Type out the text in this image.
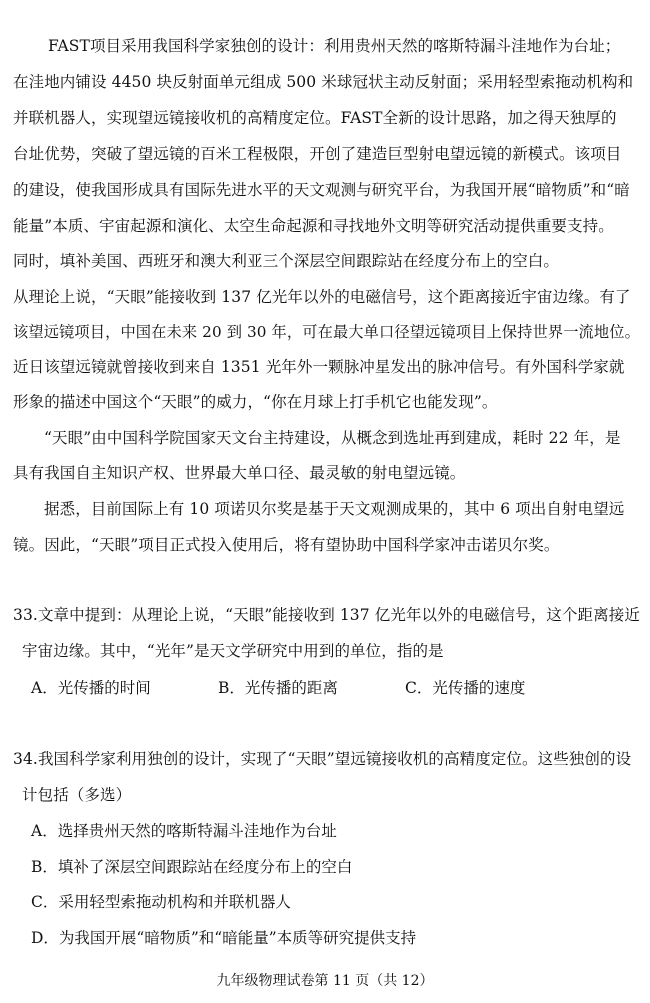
FAST项目采用我国科学家独创的设计：利用贵州天然的喀斯特漏斗洼地作为台址；
在洼地内铺设 4450 块反射面单元组成 500 米球冠状主动反射面；采用轻型索拖动机构和
并联机器人，实现望远镜接收机的高精度定位。FAST全新的设计思路，加之得天独厚的
台址优势，突破了望远镜的百米工程极限，开创了建造巨型射电望远镜的新模式。该项目
的建设，使我国形成具有国际先进水平的天文观测与研究平台，为我国开展“暗物质”和“暗
能量”本质、宇宙起源和演化、太空生命起源和寻找地外文明等研究活动提供重要支持。
同时，填补美国、西班牙和澳大利亚三个深层空间跟踪站在经度分布上的空白。
从理论上说，“天眼”能接收到 137 亿光年以外的电磁信号，这个距离接近宇宙边缘。有了
该望远镜项目，中国在未来 20 到 30 年，可在最大单口径望远镜项目上保持世界一流地位。
近日该望远镜就曾接收到来自 1351 光年外一颗脉冲星发出的脉冲信号。有外国科学家就
形象的描述中国这个“天眼”的威力，“你在月球上打手机它也能发现”。
“天眼”由中国科学院国家天文台主持建设，从概念到选址再到建成，耗时 22 年，是
具有我国自主知识产权、世界最大单口径、最灵敏的射电望远镜。
据悉，目前国际上有 10 项诺贝尔奖是基于天文观测成果的，其中 6 项出自射电望远
镜。因此，“天眼”项目正式投入使用后，将有望协助中国科学家冲击诺贝尔奖。
33.文章中提到：从理论上说，“天眼”能接收到 137 亿光年以外的电磁信号，这个距离接近
宇宙边缘。其中，“光年”是天文学研究中用到的单位，指的是
A．光传播的时间	B．光传播的距离	C．光传播的速度
34.我国科学家利用独创的设计，实现了“天眼”望远镜接收机的高精度定位。这些独创的设
计包括（多选）
A．选择贵州天然的喀斯特漏斗洼地作为台址
B．填补了深层空间跟踪站在经度分布上的空白
C．采用轻型索拖动机构和并联机器人
D．为我国开展“暗物质”和“暗能量”本质等研究提供支持
九年级物理试卷第 11 页（共 12）
